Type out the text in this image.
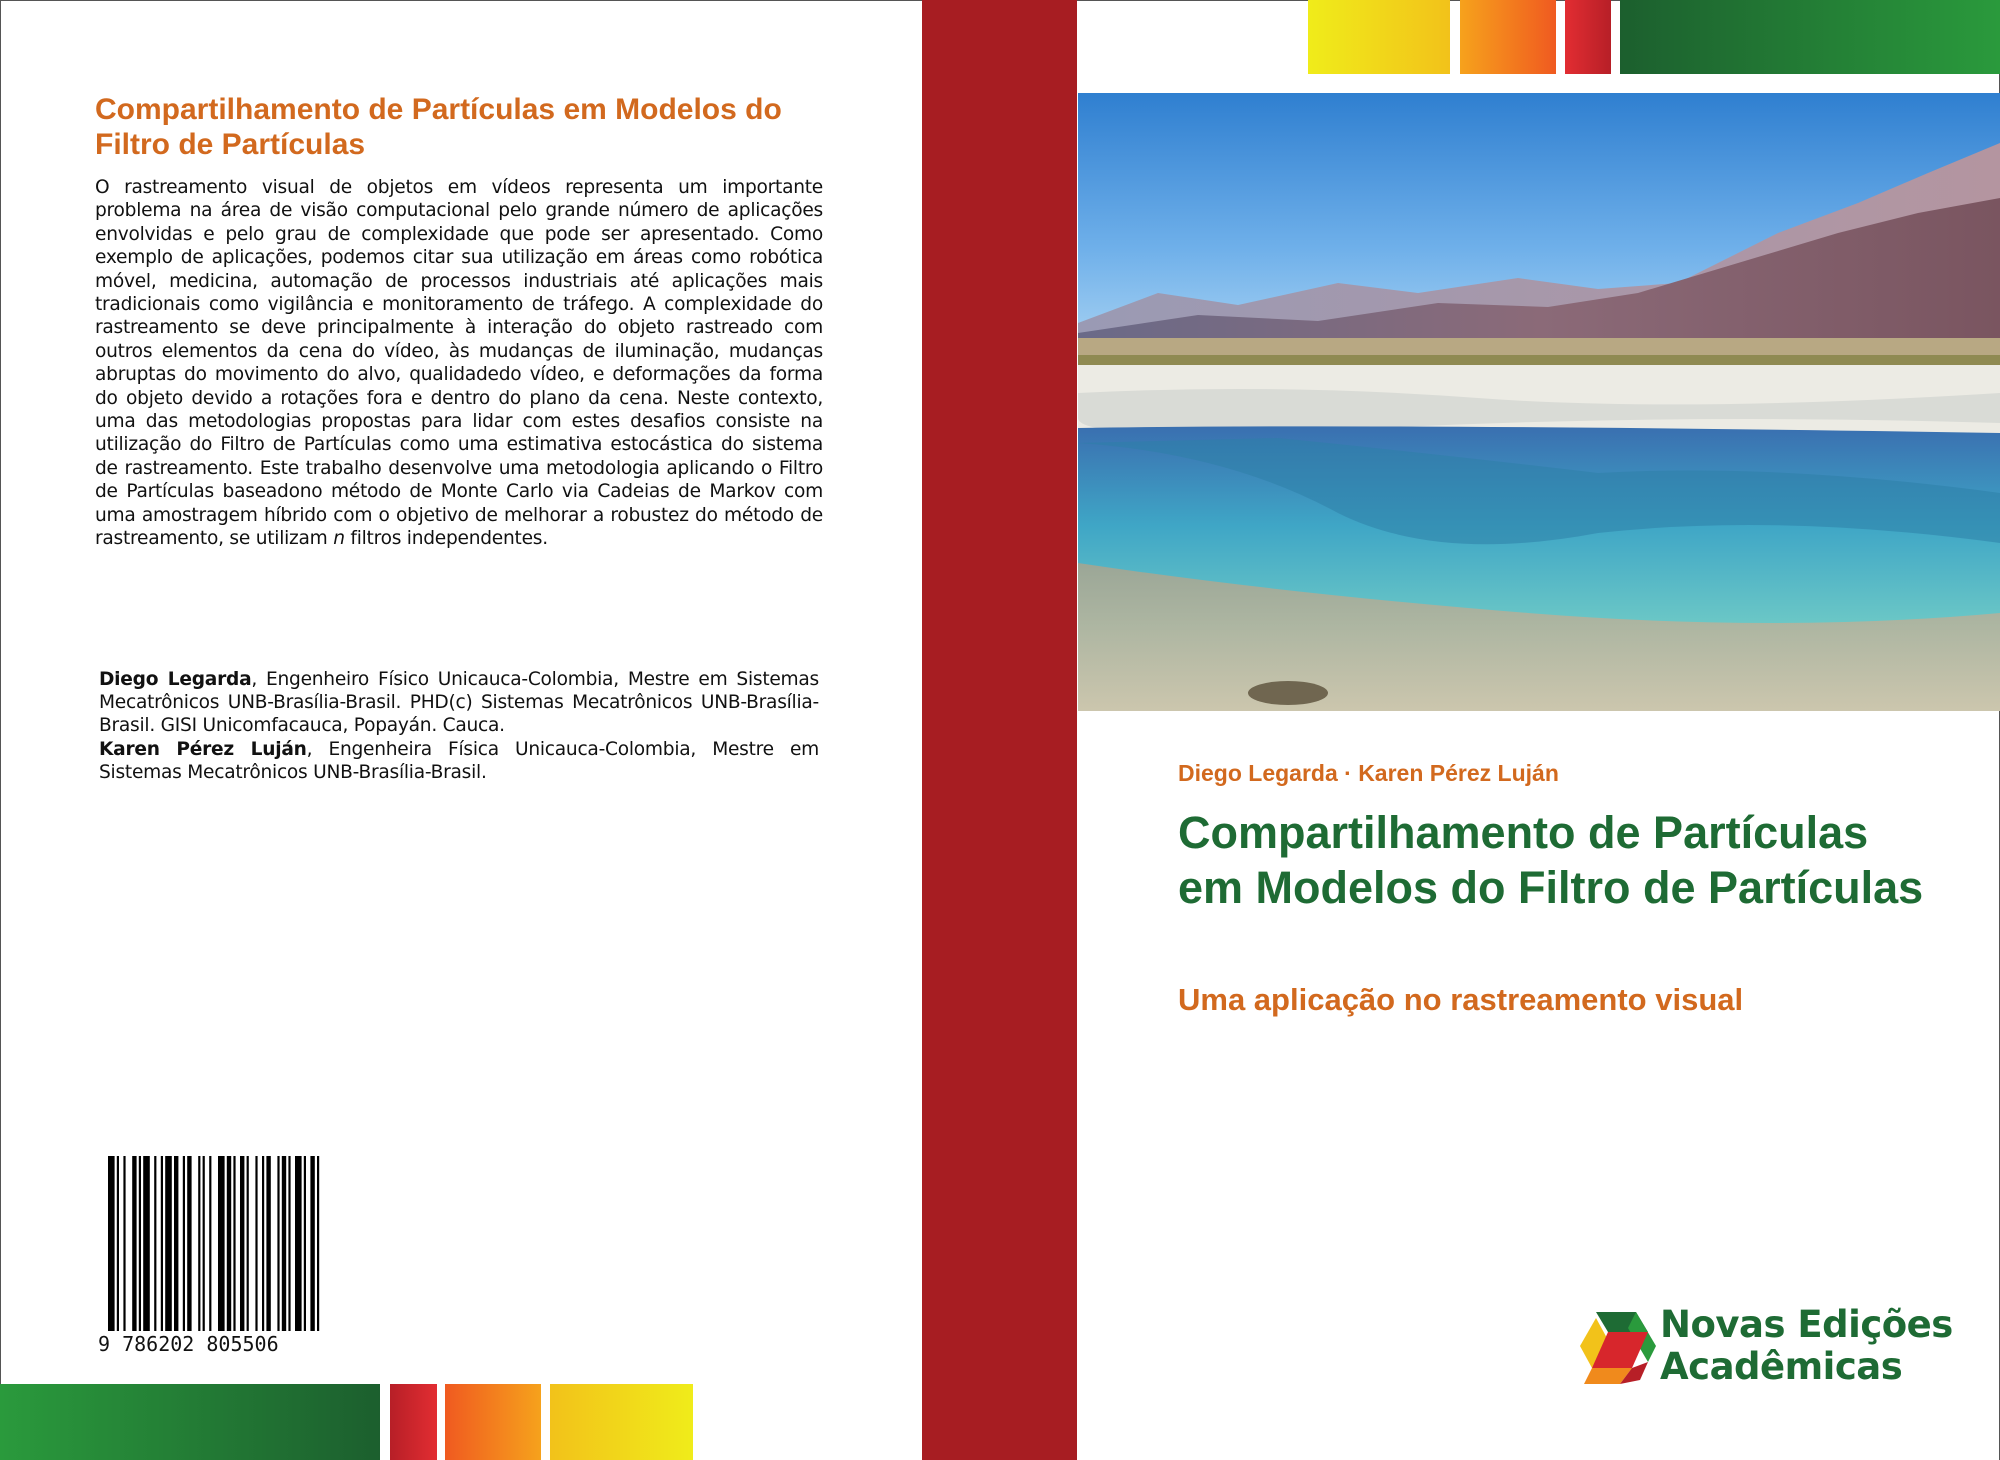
Compartilhamento de Partículas em Modelos do Filtro de Partículas

O rastreamento visual de objetos em vídeos representa um importante problema na área de visão computacional pelo grande número de aplicações envolvidas e pelo grau de complexidade que pode ser apresentado. Como exemplo de aplicações, podemos citar sua utilização em áreas como robótica móvel, medicina, automação de processos industriais até aplicações mais tradicionais como vigilância e monitoramento de tráfego. A complexidade do rastreamento se deve principalmente à interação do objeto rastreado com outros elementos da cena do vídeo, às mudanças de iluminação, mudanças abruptas do movimento do alvo, qualidadedo vídeo, e deformações da forma do objeto devido a rotações fora e dentro do plano da cena. Neste contexto, uma das metodologias propostas para lidar com estes desafios consiste na utilização do Filtro de Partículas como uma estimativa estocástica do sistema de rastreamento. Este trabalho desenvolve uma metodologia aplicando o Filtro de Partículas baseadono método de Monte Carlo via Cadeias de Markov com uma amostragem híbrido com o objetivo de melhorar a robustez do método de rastreamento, se utilizam n filtros independentes.

Diego Legarda, Engenheiro Físico Unicauca-Colombia, Mestre em Sistemas Mecatrônicos UNB-Brasília-Brasil. PHD(c) Sistemas Mecatrônicos UNB-Brasília-Brasil. GISI Unicomfacauca, Popayán. Cauca.

Karen Pérez Luján, Engenheira Física Unicauca-Colombia, Mestre em Sistemas Mecatrônicos UNB-Brasília-Brasil.

9 786202 805506

Diego Legarda · Karen Pérez Luján

Compartilhamento de Partículas em Modelos do Filtro de Partículas
Uma aplicação no rastreamento visual
Novas Edições
Acadêmicas
